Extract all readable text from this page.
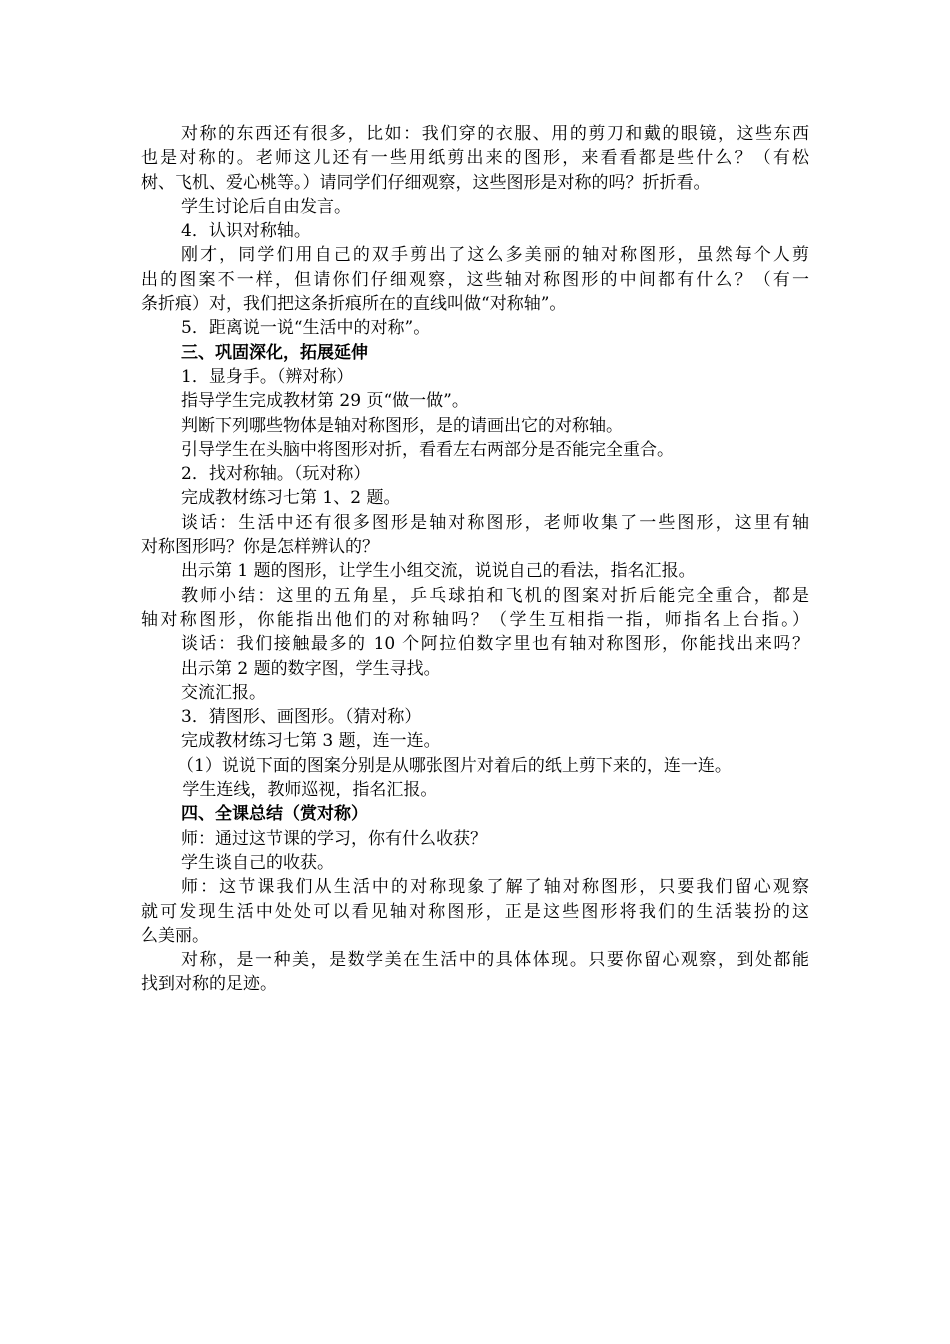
对称的东西还有很多，比如：我们穿的衣服、用的剪刀和戴的眼镜，这些东西
也是对称的。老师这儿还有一些用纸剪出来的图形，来看看都是些什么？（有松
树、飞机、爱心桃等。）请同学们仔细观察，这些图形是对称的吗？折折看。
学生讨论后自由发言。
4．认识对称轴。
刚才，同学们用自己的双手剪出了这么多美丽的轴对称图形，虽然每个人剪
出的图案不一样，但请你们仔细观察，这些轴对称图形的中间都有什么？（有一
条折痕）对，我们把这条折痕所在的直线叫做“对称轴”。
5．距离说一说“生活中的对称”。
三、巩固深化，拓展延伸
1．显身手。（辨对称）
指导学生完成教材第 29 页“做一做”。
判断下列哪些物体是轴对称图形，是的请画出它的对称轴。
引导学生在头脑中将图形对折，看看左右两部分是否能完全重合。
2．找对称轴。（玩对称）
完成教材练习七第 1、2 题。
谈话：生活中还有很多图形是轴对称图形，老师收集了一些图形，这里有轴
对称图形吗？你是怎样辨认的？
出示第 1 题的图形，让学生小组交流，说说自己的看法，指名汇报。
教师小结：这里的五角星，乒乓球拍和飞机的图案对折后能完全重合，都是
轴对称图形，你能指出他们的对称轴吗？（学生互相指一指，师指名上台指。）
谈话：我们接触最多的 10 个阿拉伯数字里也有轴对称图形，你能找出来吗？
出示第 2 题的数字图，学生寻找。
交流汇报。
3．猜图形、画图形。（猜对称）
完成教材练习七第 3 题，连一连。
（1）说说下面的图案分别是从哪张图片对着后的纸上剪下来的，连一连。
学生连线，教师巡视，指名汇报。
四、全课总结（赏对称）
师：通过这节课的学习，你有什么收获？
学生谈自己的收获。
师：这节课我们从生活中的对称现象了解了轴对称图形，只要我们留心观察
就可发现生活中处处可以看见轴对称图形，正是这些图形将我们的生活装扮的这
么美丽。
对称，是一种美，是数学美在生活中的具体体现。只要你留心观察，到处都能
找到对称的足迹。
